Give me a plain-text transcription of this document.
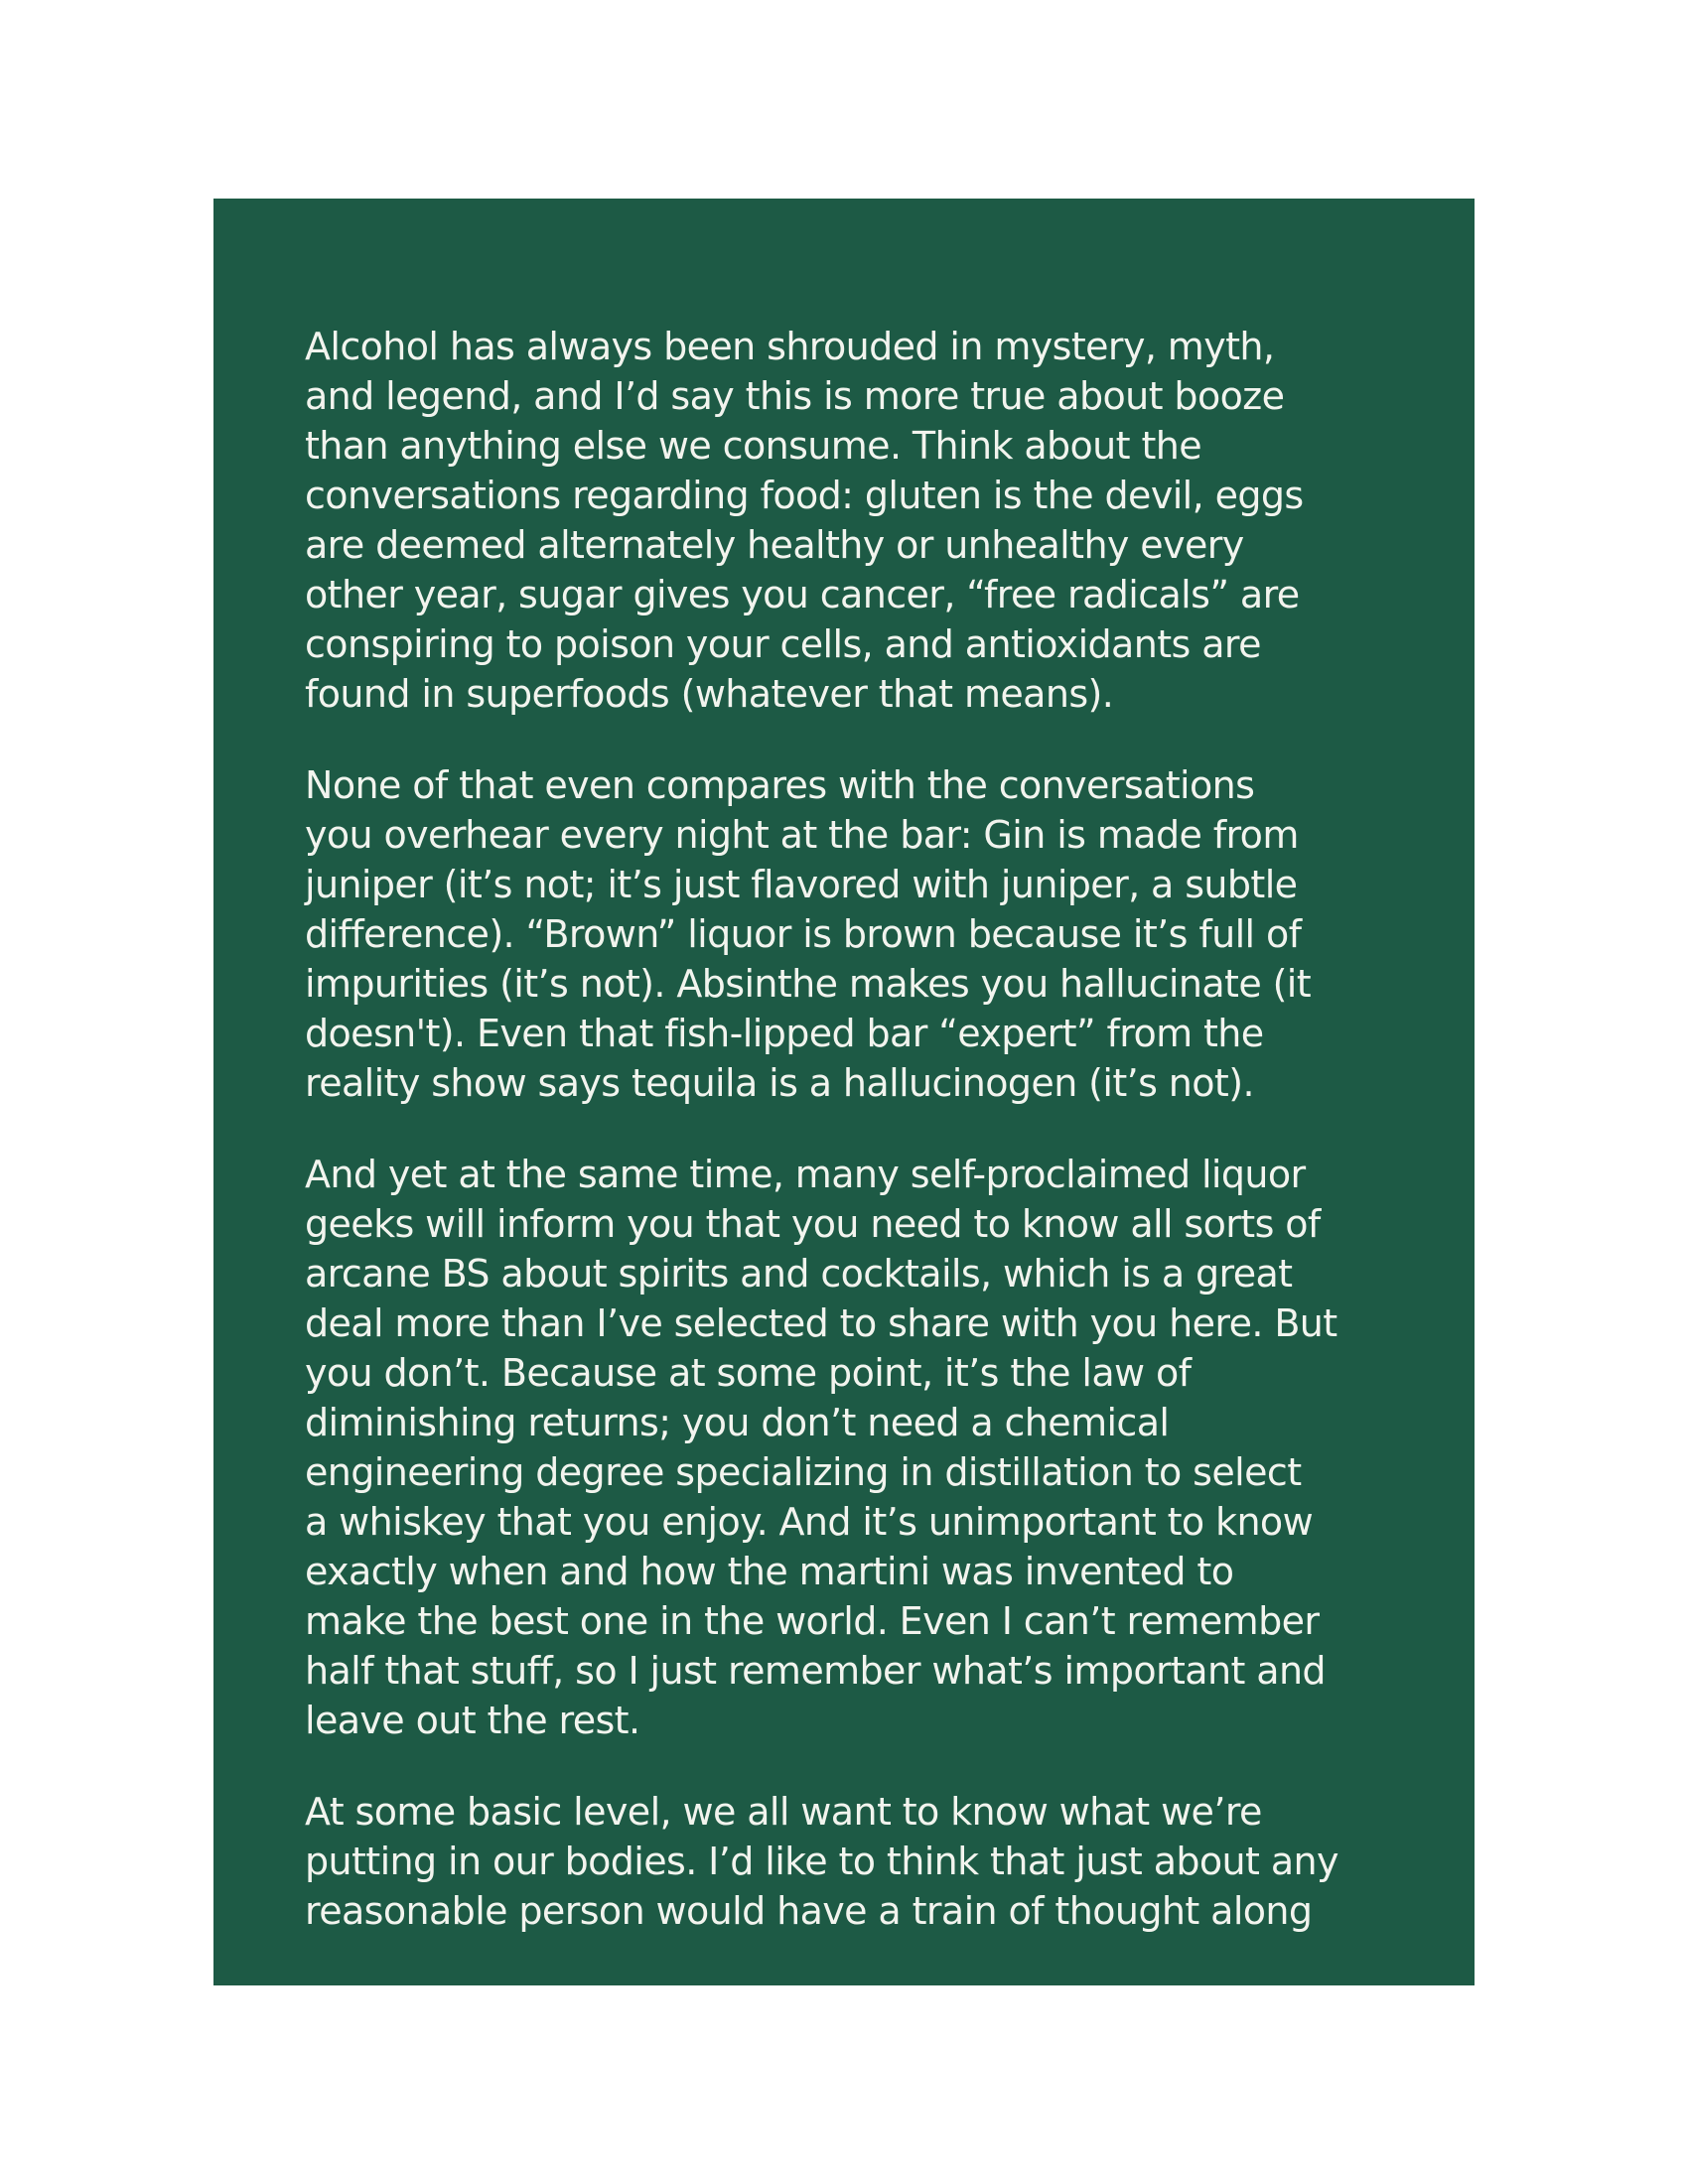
Alcohol has always been shrouded in mystery, myth,
and legend, and I’d say this is more true about booze
than anything else we consume. Think about the
conversations regarding food: gluten is the devil, eggs
are deemed alternately healthy or unhealthy every
other year, sugar gives you cancer, “free radicals” are
conspiring to poison your cells, and antioxidants are
found in superfoods (whatever that means).

None of that even compares with the conversations
you overhear every night at the bar: Gin is made from
juniper (it’s not; it’s just flavored with juniper, a subtle
difference). “Brown” liquor is brown because it’s full of
impurities (it’s not). Absinthe makes you hallucinate (it
doesn't). Even that fish-lipped bar “expert” from the
reality show says tequila is a hallucinogen (it’s not).

And yet at the same time, many self-proclaimed liquor
geeks will inform you that you need to know all sorts of
arcane BS about spirits and cocktails, which is a great
deal more than I’ve selected to share with you here. But
you don’t. Because at some point, it’s the law of
diminishing returns; you don’t need a chemical
engineering degree specializing in distillation to select
a whiskey that you enjoy. And it’s unimportant to know
exactly when and how the martini was invented to
make the best one in the world. Even I can’t remember
half that stuff, so I just remember what’s important and
leave out the rest.

At some basic level, we all want to know what we’re
putting in our bodies. I’d like to think that just about any
reasonable person would have a train of thought along
